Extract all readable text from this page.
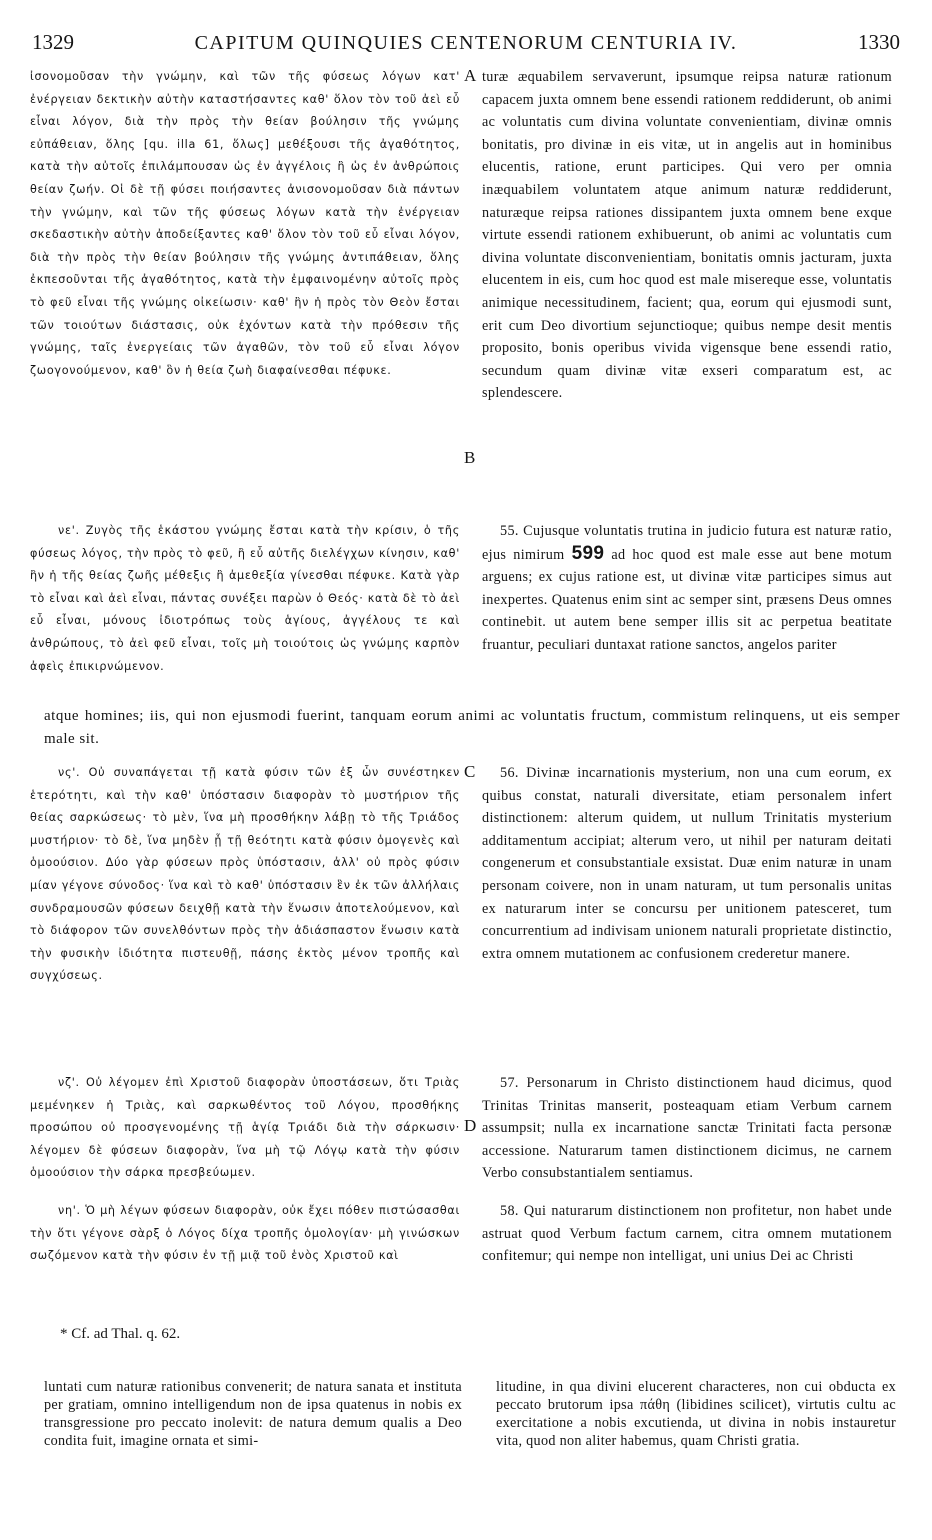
1329	CAPITUM QUINQUIES CENTENORUM CENTURIA IV.	1330

ἰσονομοῦσαν τὴν γνώμην, καὶ τῶν τῆς φύσεως λόγων κατ' ἐνέργειαν δεκτικὴν αὐτὴν καταστήσαντες καθ' ὅλον τὸν τοῦ ἀεὶ εὖ εἶναι λόγον, διὰ τὴν πρὸς τὴν θείαν βούλησιν τῆς γνώμης εὐπάθειαν, ὅλης [qu. illa 61, ὅλως] μεθέξουσι τῆς ἀγαθότητος, κατὰ τὴν αὐτοῖς ἐπιλάμπουσαν ὡς ἐν ἀγγέλοις ἢ ὡς ἐν ἀνθρώποις θείαν ζωήν. Οἱ δὲ τῇ φύσει ποιήσαντες ἀνισονομοῦσαν διὰ πάντων τὴν γνώμην, καὶ τῶν τῆς φύσεως λόγων κατὰ τὴν ἐνέργειαν σκεδαστικὴν αὐτὴν ἀποδείξαντες καθ' ὅλον τὸν τοῦ εὖ εἶναι λόγον, διὰ τὴν πρὸς τὴν θείαν βούλησιν τῆς γνώμης ἀντιπάθειαν, ὅλης ἐκπεσοῦνται τῆς ἀγαθότητος, κατὰ τὴν ἐμφαινομένην αὐτοῖς πρὸς τὸ φεῦ εἶναι τῆς γνώμης οἰκείωσιν· καθ' ἣν ἡ πρὸς τὸν Θεὸν ἔσται τῶν τοιούτων διάστασις, οὐκ ἐχόντων κατὰ τὴν πρόθεσιν τῆς γνώμης, ταῖς ἐνεργείαις τῶν ἀγαθῶν, τὸν τοῦ εὖ εἶναι λόγον ζωογονούμενον, καθ' ὃν ἡ θεία ζωὴ διαφαίνεσθαι πέφυκε.

A turæ æquabilem servaverunt, ipsumque reipsa naturæ rationum capacem juxta omnem bene essendi rationem reddiderunt, ob animi ac voluntatis cum divina voluntate convenientiam, divinæ omnis bonitatis, pro divinæ in eis vitæ, ut in angelis aut in hominibus elucentis, ratione, erunt participes. Qui vero per omnia inæquabilem voluntatem atque animum naturæ reddiderunt, naturæque reipsa rationes dissipantem juxta omnem bene exque virtute essendi rationem exhibuerunt, ob animi ac voluntatis cum divina voluntate disconvenientiam, bonitatis omnis jacturam, juxta elucentem in eis, cum hoc quod est male misereque esse, voluntatis animique necessitudinem, facient; qua, eorum qui ejusmodi sunt, erit cum Deo divortium sejunctioque; quibus nempe desit mentis proposito, bonis operibus vivida vigensque bene essendi ratio, secundum quam divinæ vitæ exseri comparatum est, ac splendescere.

B

νε'. Ζυγὸς τῆς ἑκάστου γνώμης ἔσται κατὰ τὴν κρίσιν, ὁ τῆς φύσεως λόγος, τὴν πρὸς τὸ φεῦ, ἢ εὖ αὐτῆς διελέγχων κίνησιν, καθ' ἣν ἡ τῆς θείας ζωῆς μέθεξις ἢ ἀμεθεξία γίνεσθαι πέφυκε. Κατὰ γὰρ τὸ εἶναι καὶ ἀεὶ εἶναι, πάντας συνέξει παρὼν ὁ Θεός· κατὰ δὲ τὸ ἀεὶ εὖ εἶναι, μόνους ἰδιοτρόπως τοὺς ἁγίους, ἀγγέλους τε καὶ ἀνθρώπους, τὸ ἀεὶ φεῦ εἶναι, τοῖς μὴ τοιούτοις ὡς γνώμης καρπὸν ἀφεὶς ἐπικιρνώμενον.

55. Cujusque voluntatis trutina in judicio futura est naturæ ratio, ejus nimirum 599 ad hoc quod est male esse aut bene motum arguens; ex cujus ratione est, ut divinæ vitæ participes simus aut inexpertes. Quatenus enim sint ac semper sint, præsens Deus omnes continebit. ut autem bene semper illis sit ac perpetua beatitate fruantur, peculiari duntaxat ratione sanctos, angelos pariter

atque homines; iis, qui non ejusmodi fuerint, tanquam eorum animi ac voluntatis fructum, commistum relinquens, ut eis semper male sit.

νς'. Οὐ συναπάγεται τῇ κατὰ φύσιν τῶν ἐξ ὧν συνέστηκεν ἑτερότητι, καὶ τὴν καθ' ὑπόστασιν διαφορὰν τὸ μυστήριον τῆς θείας σαρκώσεως· τὸ μὲν, ἵνα μὴ προσθήκην λάβῃ τὸ τῆς Τριάδος μυστήριον· τὸ δὲ, ἵνα μηδὲν ᾖ τῇ θεότητι κατὰ φύσιν ὁμογενὲς καὶ ὁμοούσιον. Δύο γὰρ φύσεων πρὸς ὑπόστασιν, ἀλλ' οὐ πρὸς φύσιν μίαν γέγονε σύνοδος· ἵνα καὶ τὸ καθ' ὑπόστασιν ἓν ἐκ τῶν ἀλλήλαις συνδραμουσῶν φύσεων δειχθῇ κατὰ τὴν ἕνωσιν ἀποτελούμενον, καὶ τὸ διάφορον τῶν συνελθόντων πρὸς τὴν ἀδιάσπαστον ἕνωσιν κατὰ τὴν φυσικὴν ἰδιότητα πιστευθῇ, πάσης ἐκτὸς μένον τροπῆς καὶ συγχύσεως.

C	56. Divinæ incarnationis mysterium, non una cum eorum, ex quibus constat, naturali diversitate, etiam personalem infert distinctionem: alterum quidem, ut nullum Trinitatis mysterium additamentum accipiat; alterum vero, ut nihil per naturam deitati congenerum et consubstantiale exsistat. Duæ enim naturæ in unam personam coivere, non in unam naturam, ut tum personalis unitas ex naturarum inter se concursu per unitionem patesceret, tum concurrentium ad indivisam unionem naturali proprietate distinctio, extra omnem mutationem ac confusionem crederetur manere.

νζ'. Οὐ λέγομεν ἐπὶ Χριστοῦ διαφορὰν ὑποστάσεων, ὅτι Τριὰς μεμένηκεν ἡ Τριὰς, καὶ σαρκωθέντος τοῦ Λόγου, προσθήκης προσώπου οὐ προσγενομένης τῇ ἁγίᾳ Τριάδι διὰ τὴν σάρκωσιν· λέγομεν δὲ φύσεων διαφορὰν, ἵνα μὴ τῷ Λόγῳ κατὰ τὴν φύσιν ὁμοούσιον τὴν σάρκα πρεσβεύωμεν.

D

57. Personarum in Christo distinctionem haud dicimus, quod Trinitas Trinitas manserit, posteaquam etiam Verbum carnem assumpsit; nulla ex incarnatione sanctæ Trinitati facta personæ accessione. Naturarum tamen distinctionem dicimus, ne carnem Verbo consubstantialem sentiamus.

νη'. Ὁ μὴ λέγων φύσεων διαφορὰν, οὐκ ἔχει πόθεν πιστώσασθαι τὴν ὅτι γέγονε σὰρξ ὁ Λόγος δίχα τροπῆς ὁμολογίαν· μὴ γινώσκων σωζόμενον κατὰ τὴν φύσιν ἐν τῇ μιᾷ τοῦ ἑνὸς Χριστοῦ καὶ

58. Qui naturarum distinctionem non profitetur, non habet unde astruat quod Verbum factum carnem, citra omnem mutationem confitemur; qui nempe non intelligat, uni unius Dei ac Christi

* Cf. ad Thal. q. 62.
luntati cum naturæ rationibus convenerit; de natura sanata et instituta per gratiam, omnino intelligendum non de ipsa quatenus in nobis ex transgressione pro peccato inolevit: de natura demum qualis a Deo condita fuit, imagine ornata et simi-
litudine, in qua divini elucerent characteres, non cui obducta ex peccato brutorum ipsa πάθη (libidines scilicet), virtutis cultu ac exercitatione a nobis excutienda, ut divina in nobis instauretur vita, quod non aliter habemus, quam Christi gratia.
